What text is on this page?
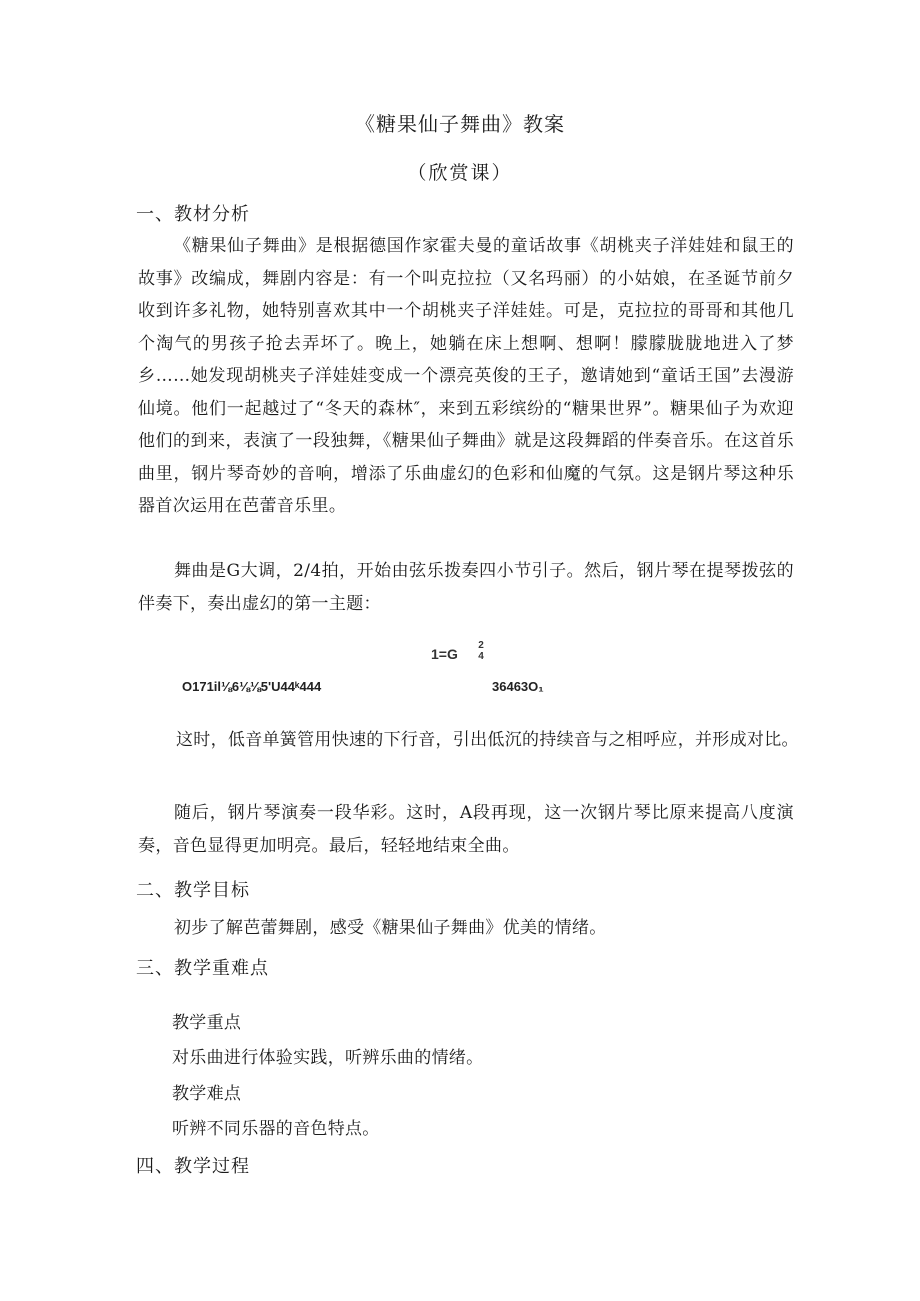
《糖果仙子舞曲》教案
（欣赏课）
一、教材分析

《糖果仙子舞曲》是根据德国作家霍夫曼的童话故事《胡桃夹子洋娃娃和鼠王的故事》改编成，舞剧内容是：有一个叫克拉拉（又名玛丽）的小姑娘，在圣诞节前夕收到许多礼物，她特别喜欢其中一个胡桃夹子洋娃娃。可是，克拉拉的哥哥和其他几个淘气的男孩子抢去弄坏了。晚上，她躺在床上想啊、想啊！朦朦胧胧地进入了梦乡……她发现胡桃夹子洋娃娃变成一个漂亮英俊的王子，邀请她到“童话王国”去漫游仙境。他们一起越过了“冬天的森林″，来到五彩缤纷的“糖果世界”。糖果仙子为欢迎他们的到来，表演了一段独舞，《糖果仙子舞曲》就是这段舞蹈的伴奏音乐。在这首乐曲里，钢片琴奇妙的音响，增添了乐曲虚幻的色彩和仙魔的气氛。这是钢片琴这种乐器首次运用在芭蕾音乐里。

舞曲是G大调，2/4拍，开始由弦乐拨奏四小节引子。然后，钢片琴在提琴拨弦的伴奏下，奏出虚幻的第一主题：

1=G
2
4
O171il⅛6⅛⅛5'U44ᵏ444	36463O₁
这时，低音单簧管用快速的下行音，引出低沉的持续音与之相呼应，并形成对比。

随后，钢片琴演奏一段华彩。这时，A段再现，这一次钢片琴比原来提高八度演奏，音色显得更加明亮。最后，轻轻地结束全曲。

二、教学目标
初步了解芭蕾舞剧，感受《糖果仙子舞曲》优美的情绪。
三、教学重难点
教学重点
对乐曲进行体验实践，听辨乐曲的情绪。
教学难点
听辨不同乐器的音色特点。
四、教学过程
